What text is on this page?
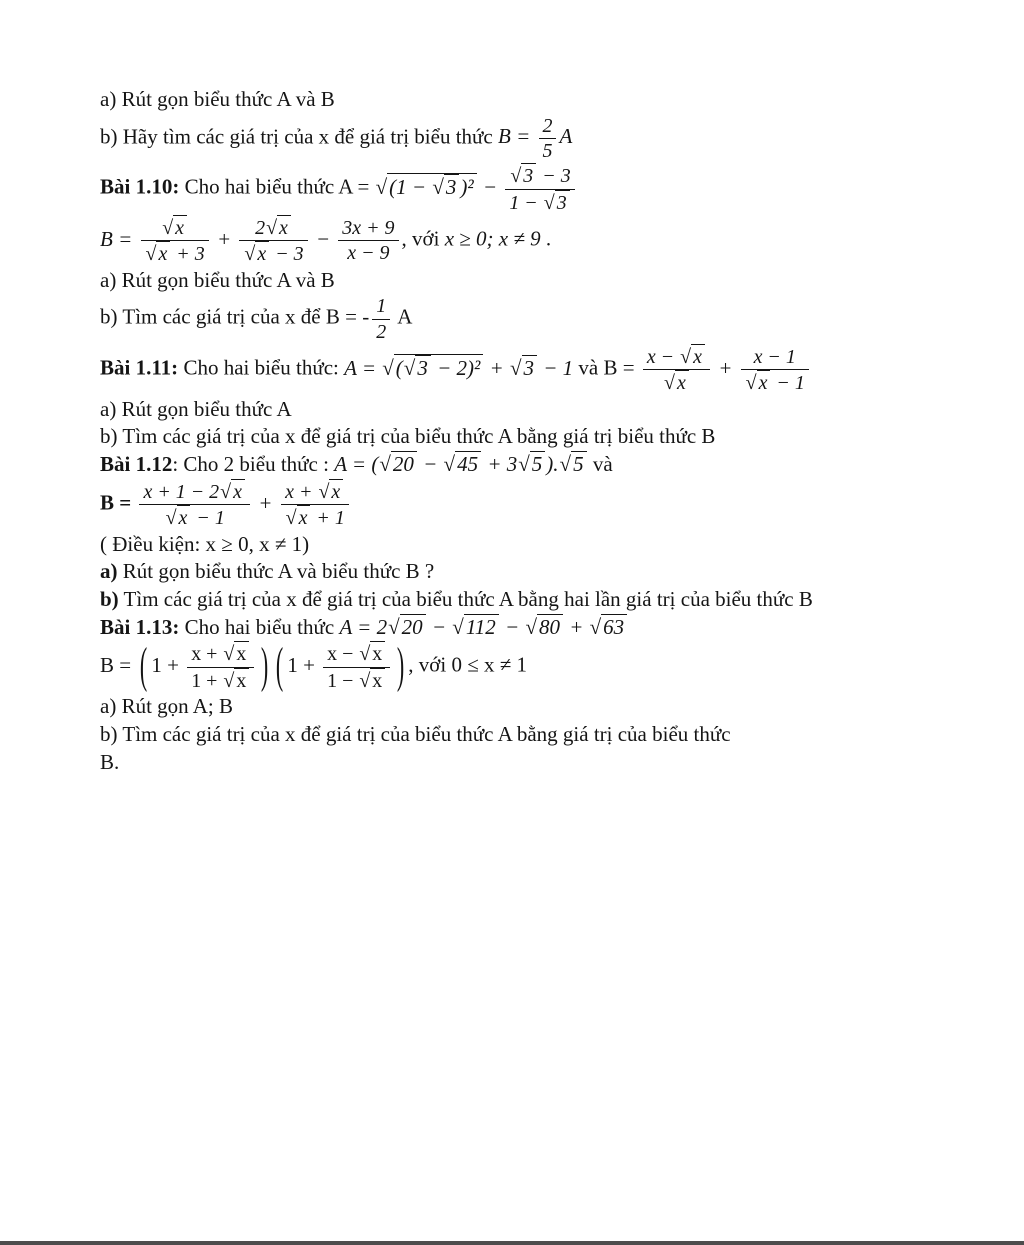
a) Rút gọn biểu thức A và B

b) Hãy tìm các giá trị của x để giá trị biểu thức $B = \frac{2}{5}$ A

Bài 1.10: Cho hai biểu thức A = √ (1 − √ 3 )$^2 - \frac{√ 3 - 3}{1 - √ 3}$

$B = \frac{√ x}{√ x + 3} + \frac{2 √ x}{√ x - 3} - \frac{3x + 9}{x - 9}$ , với x ≥ 0; x ≠ 9 .

a) Rút gọn biểu thức A và B

b) Tìm các giá trị của x để B = - $\frac{1}{2}$ A

Bài 1.11: Cho hai biểu thức: A = √ ( √ 3 − 2)² + √ 3 − 1 và $B = \frac{x - √ x}{√ x} + \frac{x - 1}{√ x - 1}$

a) Rút gọn biểu thức A

b) Tìm các giá trị của x để giá trị của biểu thức A bằng giá trị biểu thức B

Bài 1.12: Cho 2 biểu thức : A = ( √ 20 − √ 45 + 3 √ 5 ). √ 5 và

$B = \frac{x + 1 - 2 √ x}{√ x - 1} + \frac{x + √ x}{√ x + 1}$

( Điều kiện: x ≥ 0, x ≠ 1)

a) Rút gọn biểu thức A và biểu thức B ?

b) Tìm các giá trị của x để giá trị của biểu thức A bằng hai lần giá trị của biểu thức B

Bài 1.13: Cho hai biểu thức A = 2 √ 20 − √ 112 − √ 80 + √ 63

B = ( $1 + \frac{x + √ x}{1 + √ x}$ ) ( $1 + \frac{x - √ x}{1 - √ x}$ ) , với 0 ≤ x ≠ 1

a) Rút gọn A; B

b) Tìm các giá trị của x để giá trị của biểu thức A bằng giá trị của biểu thức

B.
